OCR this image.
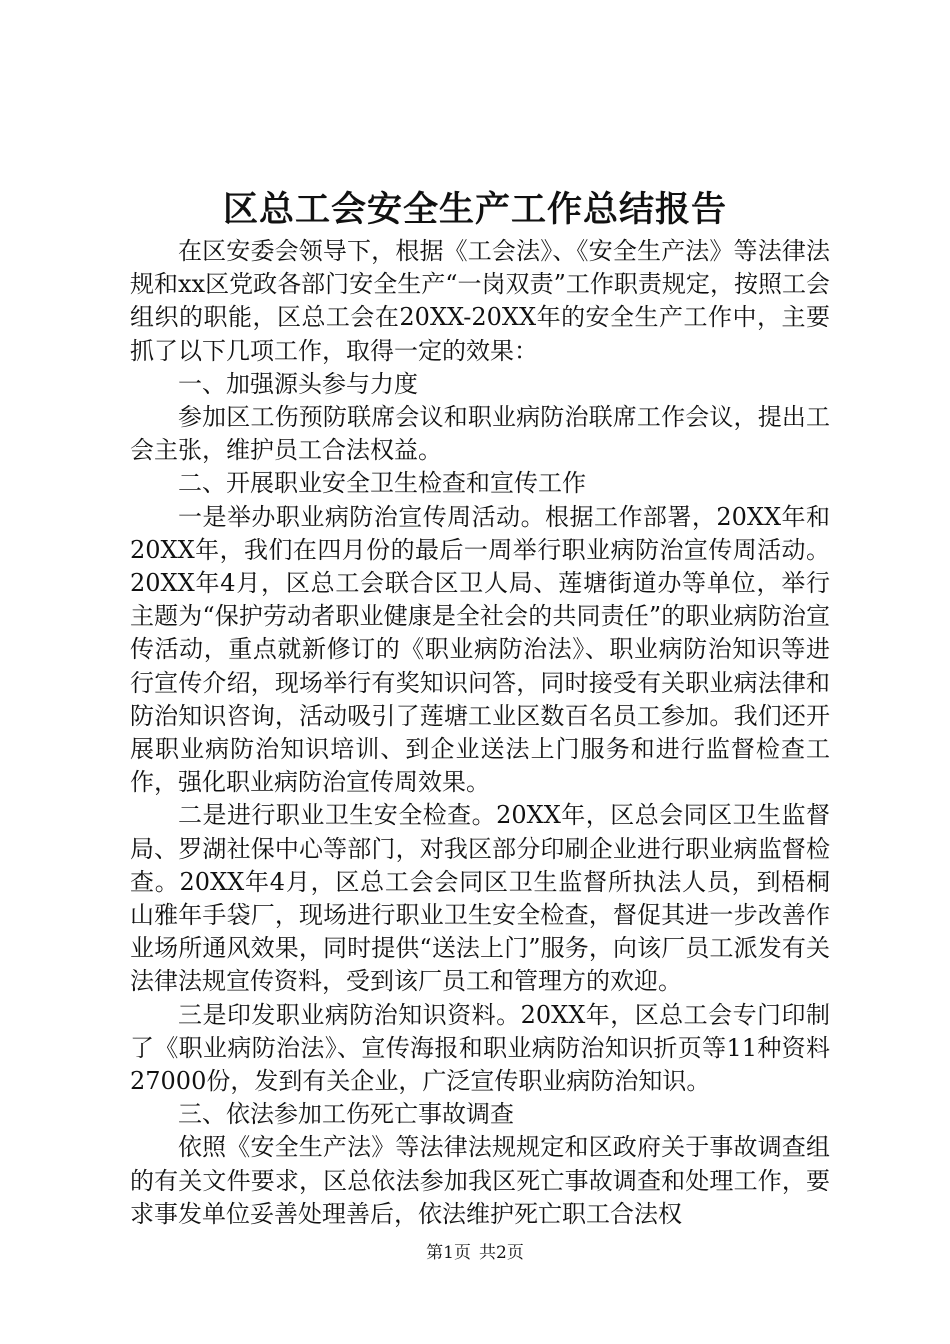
区总工会安全生产工作总结报告

在区安委会领导下，根据《工会法》、《安全生产法》等法律法规和xx区党政各部门安全生产“一岗双责”工作职责规定，按照工会组织的职能，区总工会在20XX-20XX年的安全生产工作中，主要抓了以下几项工作，取得一定的效果：

一、加强源头参与力度

参加区工伤预防联席会议和职业病防治联席工作会议，提出工会主张，维护员工合法权益。

二、开展职业安全卫生检查和宣传工作

一是举办职业病防治宣传周活动。根据工作部署，20XX年和20XX年，我们在四月份的最后一周举行职业病防治宣传周活动。20XX年4月，区总工会联合区卫人局、莲塘街道办等单位，举行主题为“保护劳动者职业健康是全社会的共同责任”的职业病防治宣传活动，重点就新修订的《职业病防治法》、职业病防治知识等进行宣传介绍，现场举行有奖知识问答，同时接受有关职业病法律和防治知识咨询，活动吸引了莲塘工业区数百名员工参加。我们还开展职业病防治知识培训、到企业送法上门服务和进行监督检查工作，强化职业病防治宣传周效果。

二是进行职业卫生安全检查。20XX年，区总会同区卫生监督局、罗湖社保中心等部门，对我区部分印刷企业进行职业病监督检查。20XX年4月，区总工会会同区卫生监督所执法人员，到梧桐山雅年手袋厂，现场进行职业卫生安全检查，督促其进一步改善作业场所通风效果，同时提供“送法上门”服务，向该厂员工派发有关法律法规宣传资料，受到该厂员工和管理方的欢迎。

三是印发职业病防治知识资料。20XX年，区总工会专门印制了《职业病防治法》、宣传海报和职业病防治知识折页等11种资料27000份，发到有关企业，广泛宣传职业病防治知识。

三、依法参加工伤死亡事故调查

依照《安全生产法》等法律法规规定和区政府关于事故调查组的有关文件要求，区总依法参加我区死亡事故调查和处理工作，要求事发单位妥善处理善后，依法维护死亡职工合法权

第1页 共2页
